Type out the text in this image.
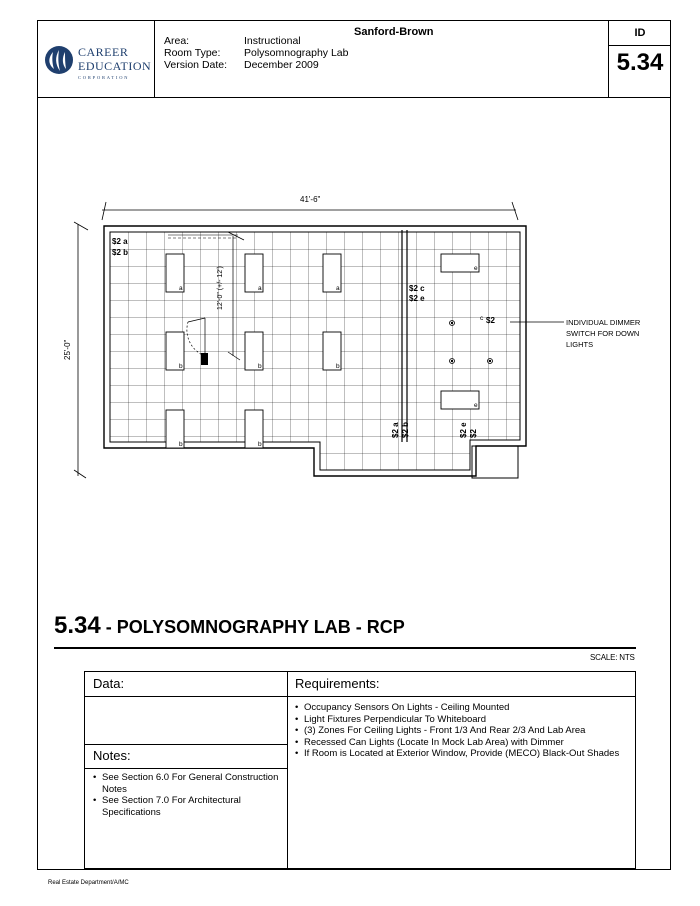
CAREER
EDUCATION
CORPORATION
Sanford-Brown
Area:	Instructional
Room Type:	Polysomnography Lab
Version Date:	December 2009
ID
5.34
41'-6"
25'-0"
12'-0" (+/- 12')
a	a	a
b	b	b
b	b
e
e
c
$2 a
$2 b
$2 c
$2 e
$2
$2 a
$2 b
$2 e
$2
INDIVIDUAL DIMMER
SWITCH FOR DOWN
LIGHTS
5.34 - POLYSOMNOGRAPHY LAB - RCP
SCALE: NTS
Data:	Requirements:
Notes:
• Occupancy Sensors On Lights - Ceiling Mounted
• Light Fixtures Perpendicular To Whiteboard
• (3) Zones For Ceiling Lights - Front 1/3 And Rear 2/3 And Lab Area
• Recessed Can Lights (Locate In Mock Lab Area) with Dimmer
• If Room is Located at Exterior Window, Provide (MECO) Black-Out Shades
• See Section 6.0 For General Construction Notes
• See Section 7.0 For Architectural Specifications
Real Estate Department/A/MC
